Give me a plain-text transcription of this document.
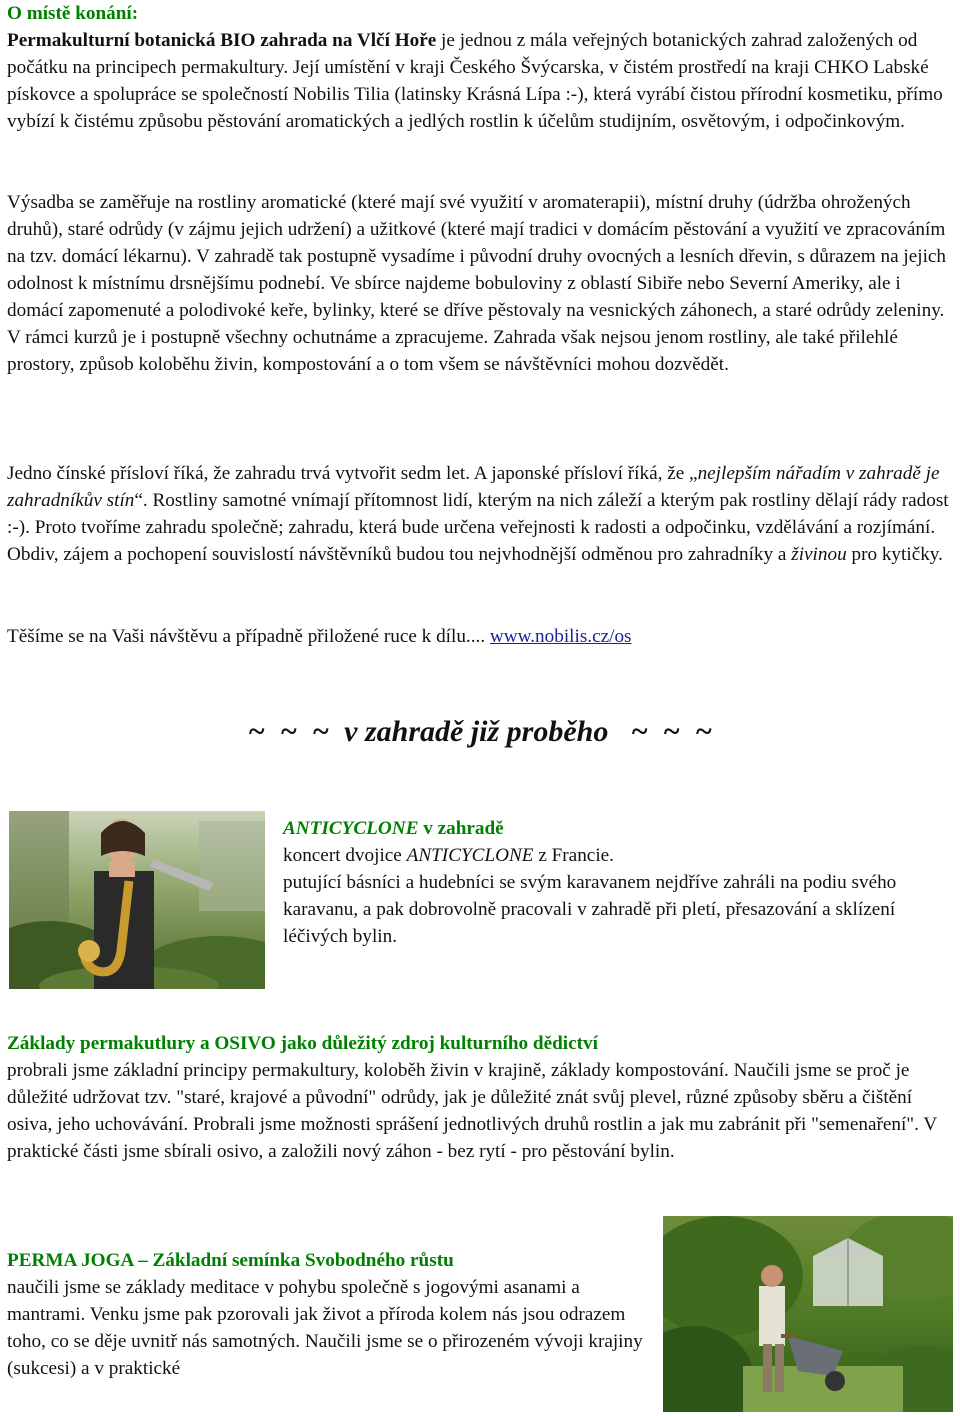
O místě konání:
Permakulturní botanická BIO zahrada na Vlčí Hoře je jednou z mála veřejných botanických zahrad založených od počátku na principech permakultury. Její umístění v kraji Českého Švýcarska, v čistém prostředí na kraji CHKO Labské pískovce a spolupráce se společností Nobilis Tilia (latinsky Krásná Lípa :-), která vyrábí čistou přírodní kosmetiku, přímo vybízí k čistému způsobu pěstování aromatických a jedlých rostlin k účelům studijním, osvětovým, i odpočinkovým.
Výsadba se zaměřuje na rostliny aromatické (které mají své využití v aromaterapii), místní druhy (údržba ohrožených druhů), staré odrůdy (v zájmu jejich udržení) a užitkové (které mají tradici v domácím pěstování a využití ve zpracováním na tzv. domácí lékarnu). V zahradě tak postupně vysadíme i původní druhy ovocných a lesních dřevin, s důrazem na jejich odolnost k místnímu drsnějšímu podnebí. Ve sbírce najdeme bobuloviny z oblastí Sibiře nebo Severní Ameriky, ale i domácí zapomenuté a polodivoké keře, bylinky, které se dříve pěstovaly na vesnických záhonech, a staré odrůdy zeleniny. V rámci kurzů je i postupně všechny ochutnáme a zpracujeme. Zahrada však nejsou jenom rostliny, ale také přilehlé prostory, způsob koloběhu živin, kompostování a o tom všem se návštěvníci mohou dozvědět.
Jedno čínské přísloví říká, že zahradu trvá vytvořit sedm let. A japonské přísloví říká, že „nejlepším nářadím v zahradě je zahradníkův stín“. Rostliny samotné vnímají přítomnost lidí, kterým na nich záleží a kterým pak rostliny dělají rády radost :-). Proto tvoříme zahradu společně; zahradu, která bude určena veřejnosti k radosti a odpočinku, vzdělávání a rozjímání. Obdiv, zájem a pochopení souvislostí návštěvníků budou tou nejvhodnější odměnou pro zahradníky a živinou pro kytičky.
Těšíme se na Vaši návštěvu a případně přiložené ruce k dílu.... www.nobilis.cz/os
~  ~  ~  v zahradě již proběho   ~  ~  ~
ANTICYCLONE v zahradě
koncert dvojice ANTICYCLONE z Francie.
putující básníci a hudebníci se svým karavanem nejdříve zahráli na podiu svého karavanu, a pak dobrovolně pracovali v zahradě při pletí, přesazování a sklízení léčivých bylin.
Základy permakutlury a OSIVO jako důležitý zdroj kulturního dědictví
probrali jsme základní principy permakultury, koloběh živin v krajině, základy kompostování. Naučili jsme se proč je důležité udržovat tzv. "staré, krajové a původní" odrůdy, jak je důležité znát svůj plevel, různé způsoby sběru a čištění osiva, jeho uchovávání. Probrali jsme možnosti sprášení jednotlivých druhů rostlin a jak mu zabránit při "semenaření". V praktické části jsme sbírali osivo, a založili nový záhon - bez rytí - pro pěstování bylin.
PERMA JOGA – Základní semínka Svobodného růstu
naučili jsme se základy meditace v pohybu společně s jogovými asanami a mantrami. Venku jsme pak pzorovali jak život a příroda kolem nás jsou odrazem toho, co se děje uvnitř nás samotných. Naučili jsme se o přirozeném vývoji krajiny (sukcesi) a v praktické
